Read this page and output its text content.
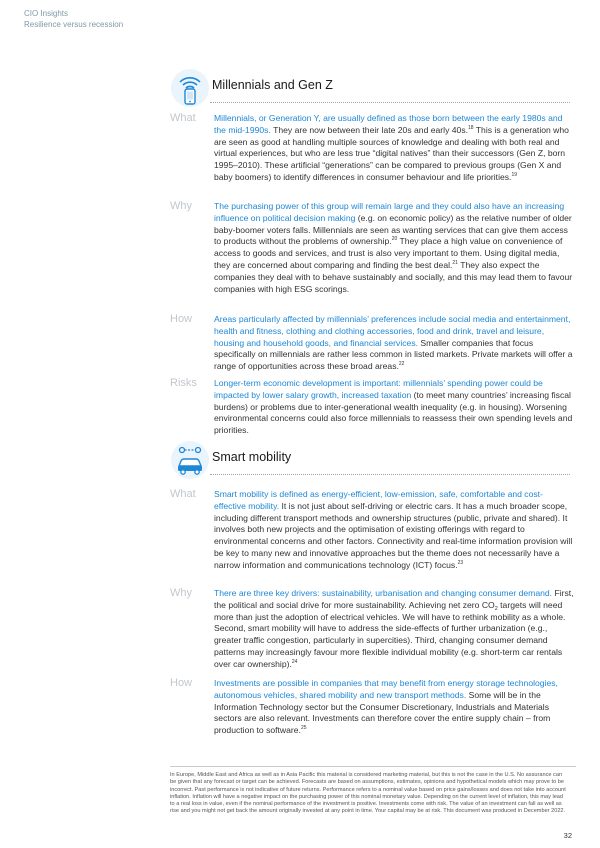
CIO Insights
Resilience versus recession
Millennials and Gen Z
What Millennials, or Generation Y, are usually defined as those born between the early 1980s and the mid-1990s. They are now between their late 20s and early 40s.$^{18}$ This is a generation who are seen as good at handling multiple sources of knowledge and dealing with both real and virtual experiences, but who are less true “digital natives” than their successors (Gen Z, born 1995–2010). These artificial “generations” can be compared to previous groups (Gen X and baby boomers) to identify differences in consumer behaviour and life priorities.$^{19}$

Why	The purchasing power of this group will remain large and they could also have an increasing influence on political decision making (e.g. on economic policy) as the relative number of older baby-boomer voters falls. Millennials are seen as wanting services that can give them access to products without the problems of ownership.$^{20}$ They place a high value on convenience of access to goods and services, and trust is also very important to them. Using digital media, they are concerned about comparing and finding the best deal.$^{21}$ They also expect the companies they deal with to behave sustainably and socially, and this may lead them to favour companies with high ESG scorings.

How	Areas particularly affected by millennials’ preferences include social media and entertainment, health and fitness, clothing and clothing accessories, food and drink, travel and leisure, housing and household goods, and financial services. Smaller companies that focus specifically on millennials are rather less common in listed markets. Private markets will offer a range of opportunities across these broad areas.$^{22}$

Risks Longer-term economic development is important: millennials’ spending power could be impacted by lower salary growth, increased taxation (to meet many countries’ increasing fiscal burdens) or problems due to inter-generational wealth inequality (e.g. in housing). Worsening environmental concerns could also force millennials to reassess their own spending levels and priorities.

Smart mobility
What Smart mobility is defined as energy-efficient, low-emission, safe, comfortable and cost-effective mobility. It is not just about self-driving or electric cars. It has a much broader scope, including different transport methods and ownership structures (public, private and shared). It involves both new projects and the optimisation of existing offerings with regard to environmental concerns and other factors. Connectivity and real-time information provision will be key to many new and innovative approaches but the theme does not necessarily have a narrow information and communications technology (ICT) focus.$^{23}$

Why	There are three key drivers: sustainability, urbanisation and changing consumer demand. First, the political and social drive for more sustainability. Achieving net zero $CO_2$ targets will need more than just the adoption of electrical vehicles. We will have to rethink mobility as a whole. Second, smart mobility will have to address the side-effects of further urbanization (e.g., greater traffic congestion, particularly in supercities). Third, changing consumer demand patterns may increasingly favour more flexible individual mobility (e.g. short-term car rentals over car ownership).$^{24}$

How	Investments are possible in companies that may benefit from energy storage technologies, autonomous vehicles, shared mobility and new transport methods. Some will be in the Information Technology sector but the Consumer Discretionary, Industrials and Materials sectors are also relevant. Investments can therefore cover the entire supply chain – from production to software.$^{25}$

In Europe, Middle East and Africa as well as in Asia Pacific this material is considered marketing material, but this is not the case in the U.S. No assurance can be given that any forecast or target can be achieved. Forecasts are based on assumptions, estimates, opinions and hypothetical models which may prove to be incorrect. Past performance is not indicative of future returns. Performance refers to a nominal value based on price gains/losses and does not take into account inflation. Inflation will have a negative impact on the purchasing power of this nominal monetary value. Depending on the current level of inflation, this may lead to a real loss in value, even if the nominal performance of the investment is positive. Investments come with risk. The value of an investment can fall as well as rise and you might not get back the amount originally invested at any point in time. Your capital may be at risk. This document was produced in December 2022.

32
